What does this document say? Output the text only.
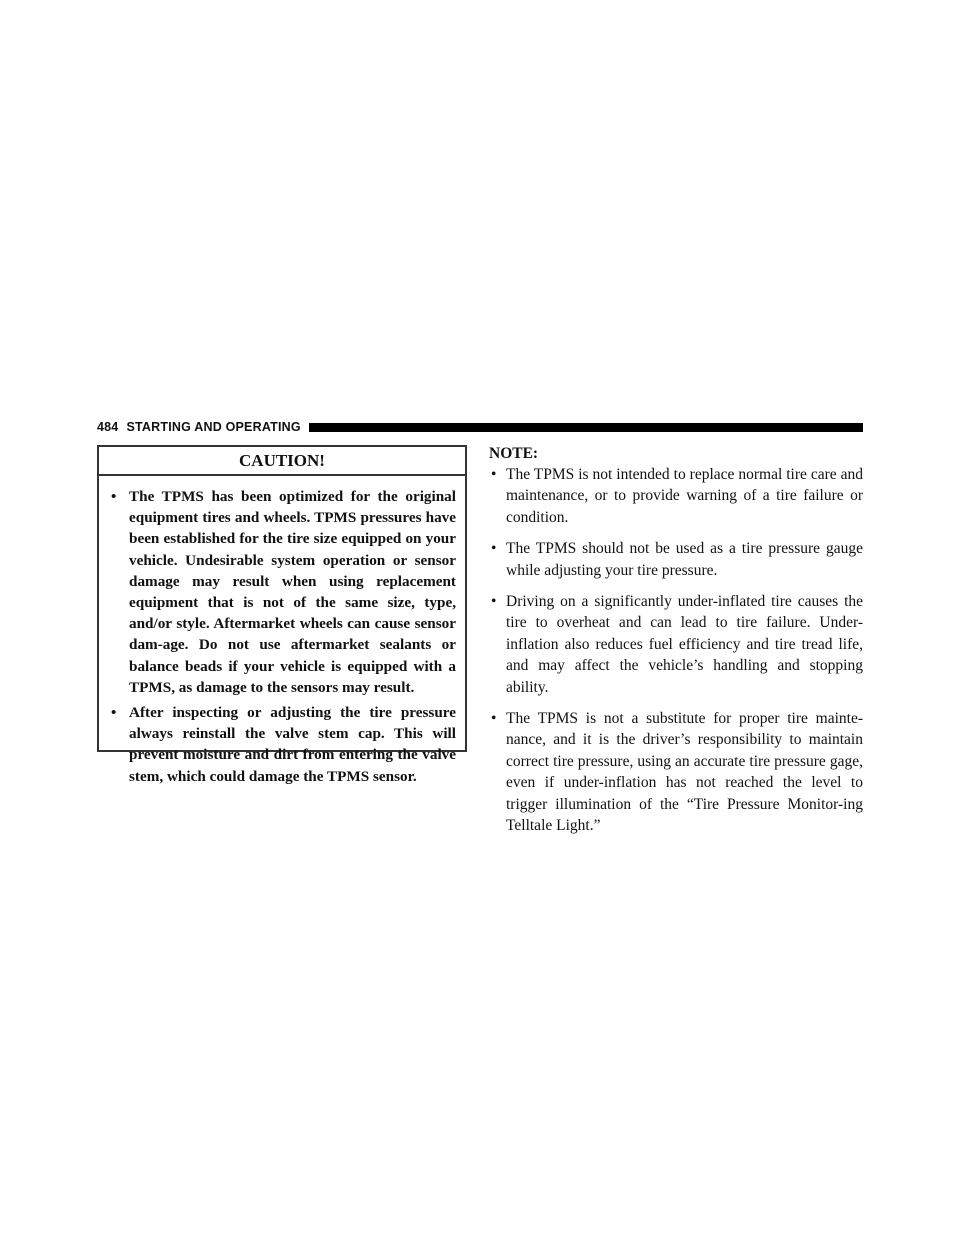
484 STARTING AND OPERATING
CAUTION!
• The TPMS has been optimized for the original equipment tires and wheels. TPMS pressures have been established for the tire size equipped on your vehicle. Undesirable system operation or sensor damage may result when using replacement equipment that is not of the same size, type, and/or style. Aftermarket wheels can cause sensor dam-age. Do not use aftermarket sealants or balance beads if your vehicle is equipped with a TPMS, as damage to the sensors may result.
• After inspecting or adjusting the tire pressure always reinstall the valve stem cap. This will prevent moisture and dirt from entering the valve stem, which could damage the TPMS sensor.
NOTE:
• The TPMS is not intended to replace normal tire care and maintenance, or to provide warning of a tire failure or condition.
• The TPMS should not be used as a tire pressure gauge while adjusting your tire pressure.
• Driving on a significantly under-inflated tire causes the tire to overheat and can lead to tire failure. Under-inflation also reduces fuel efficiency and tire tread life, and may affect the vehicle’s handling and stopping ability.
• The TPMS is not a substitute for proper tire mainte-nance, and it is the driver’s responsibility to maintain correct tire pressure, using an accurate tire pressure gage, even if under-inflation has not reached the level to trigger illumination of the “Tire Pressure Monitor-ing Telltale Light.”
